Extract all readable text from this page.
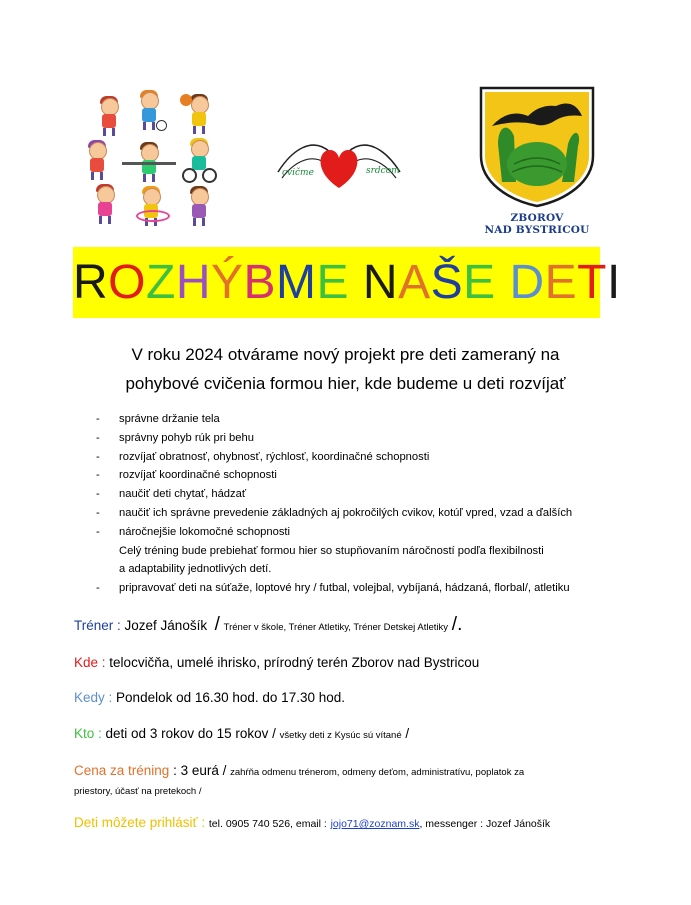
cvičme	srdcom
ZBOROV
NAD BYSTRICOU
ROZHÝBME NAŠE DETI
V roku 2024 otvárame nový projekt pre deti zameraný na
pohybové cvičenia formou hier, kde budeme u deti rozvíjať
- správne držanie tela
- správny pohyb rúk pri behu
- rozvíjať obratnosť, ohybnosť, rýchlosť, koordinačné schopnosti
- rozvíjať koordinačné schopnosti
- naučiť deti chytať, hádzať
- naučiť ich správne prevedenie základných aj pokročilých cvikov, kotúľ vpred, vzad a ďalších
- náročnejšie lokomočné schopnosti
Celý tréning bude prebiehať formou hier so stupňovaním náročností podľa flexibilnosti
a adaptability jednotlivých detí.
- pripravovať deti na súťaže, loptové hry / futbal, volejbal, vybíjaná, hádzaná, florbal/, atletiku
Tréner : Jozef Jánošík / Tréner v škole, Tréner Atletiky, Tréner Detskej Atletiky /.
Kde : telocvičňa, umelé ihrisko, prírodný terén Zborov nad Bystricou
Kedy : Pondelok od 16.30 hod. do 17.30 hod.
Kto : deti od 3 rokov do 15 rokov / všetky deti z Kysúc sú vítané /
Cena za tréning : 3 eurá / zahŕňa odmenu trénerom, odmeny deťom, administratívu, poplatok za
priestory, účasť na pretekoch /
Deti môžete prihlásiť : tel. 0905 740 526, email : jojo71@zoznam.sk, messenger : Jozef Jánošík
